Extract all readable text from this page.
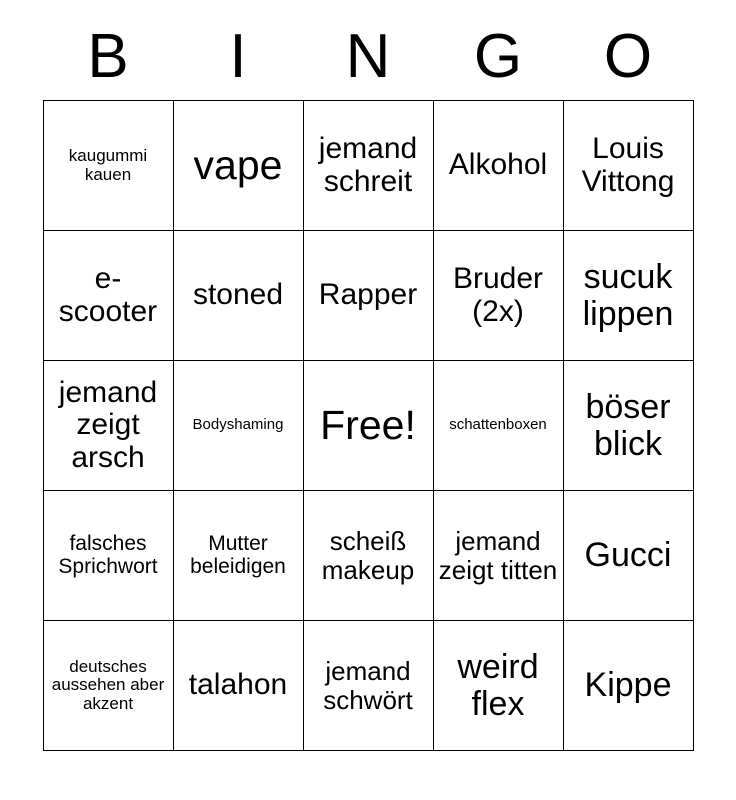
B	I	N	G	O
kaugummi kauen	vape	jemand schreit	Alkohol	Louis Vittong
e-scooter	stoned	Rapper	Bruder (2x)	sucuk lippen
jemand zeigt arsch	Bodyshaming	Free!	schattenboxen	böser blick
falsches Sprichwort	Mutter beleidigen	scheiß makeup	jemand zeigt titten	Gucci
deutsches aussehen aber akzent	talahon	jemand schwört	weird flex	Kippe
